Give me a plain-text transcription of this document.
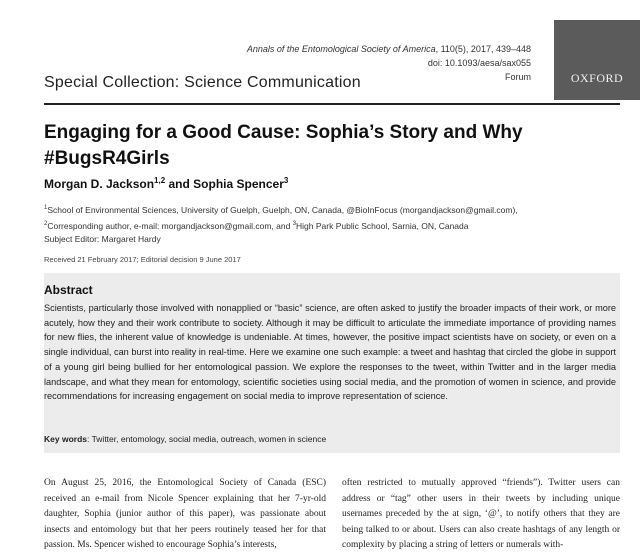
Annals of the Entomological Society of America, 110(5), 2017, 439–448
doi: 10.1093/aesa/sax055
Forum	OXFORD
Special Collection: Science Communication
Engaging for a Good Cause: Sophia’s Story and Why #BugsR4Girls
Morgan D. Jackson$^{1,2}$ and Sophia Spencer$^3$
$^1$School of Environmental Sciences, University of Guelph, Guelph, ON, Canada, @BioInFocus (morgandjackson@gmail.com),
$^2$Corresponding author, e-mail: morgandjackson@gmail.com, and $^3$High Park Public School, Sarnia, ON, Canada
Subject Editor: Margaret Hardy
Received 21 February 2017; Editorial decision 9 June 2017
Abstract
Scientists, particularly those involved with nonapplied or “basic” science, are often asked to justify the broader impacts of their work, or more acutely, how they and their work contribute to society. Although it may be difficult to articulate the immediate importance of providing names for new flies, the inherent value of knowledge is undeniable. At times, however, the positive impact scientists have on society, or even on a single individual, can burst into reality in real-time. Here we examine one such example: a tweet and hashtag that circled the globe in support of a young girl being bullied for her entomological passion. We explore the responses to the tweet, within Twitter and in the larger media landscape, and what they mean for entomology, scientific societies using social media, and the promotion of women in science, and provide recommendations for increasing engagement on social media to improve representation of science.
Key words: Twitter, entomology, social media, outreach, women in science
On August 25, 2016, the Entomological Society of Canada (ESC) received an e-mail from Nicole Spencer explaining that her 7-yr-old daughter, Sophia (junior author of this paper), was passionate about insects and entomology but that her peers routinely teased her for that passion. Ms. Spencer wished to encourage Sophia’s interests,
often restricted to mutually approved “friends”). Twitter users can address or “tag” other users in their tweets by including unique usernames preceded by the at sign, ‘@’, to notify others that they are being talked to or about. Users can also create hashtags of any length or complexity by placing a string of letters or numerals with-
